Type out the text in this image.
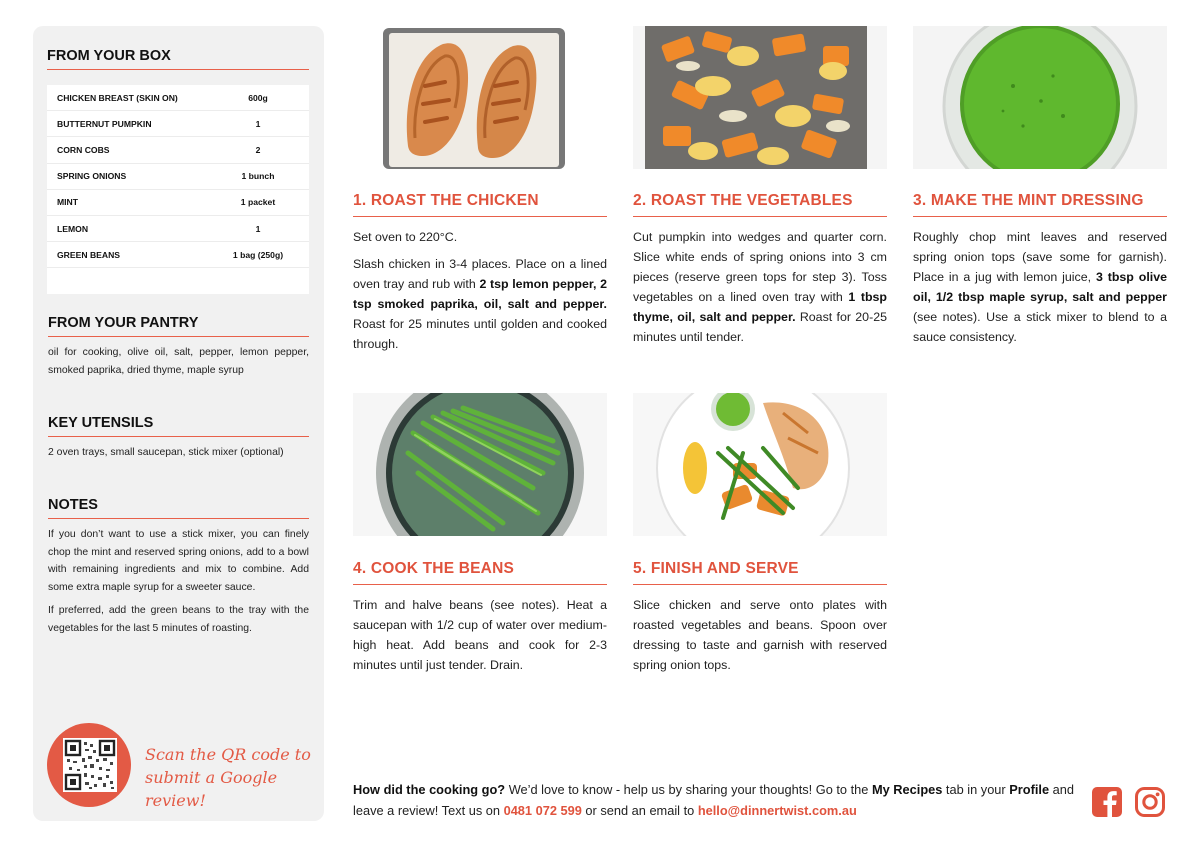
FROM YOUR BOX
CHICKEN BREAST (SKIN ON)	600g
BUTTERNUT PUMPKIN	1
CORN COBS	2
SPRING ONIONS	1 bunch
MINT	1 packet
LEMON	1
GREEN BEANS	1 bag (250g)
FROM YOUR PANTRY
oil for cooking, olive oil, salt, pepper, lemon pepper, smoked paprika, dried thyme, maple syrup
KEY UTENSILS
2 oven trays, small saucepan, stick mixer (optional)
NOTES

If you don’t want to use a stick mixer, you can finely chop the mint and reserved spring onions, add to a bowl with remaining ingredients and mix to combine. Add some extra maple syrup for a sweeter sauce.

If preferred, add the green beans to the tray with the vegetables for the last 5 minutes of roasting.

Scan the QR code to
submit a Google review!
1. ROAST THE CHICKEN

Set oven to 220°C.

Slash chicken in 3-4 places. Place on a lined oven tray and rub with 2 tsp lemon pepper, 2 tsp smoked paprika, oil, salt and pepper. Roast for 25 minutes until golden and cooked through.

2. ROAST THE VEGETABLES

Cut pumpkin into wedges and quarter corn. Slice white ends of spring onions into 3 cm pieces (reserve green tops for step 3). Toss vegetables on a lined oven tray with 1 tbsp thyme, oil, salt and pepper. Roast for 20-25 minutes until tender.

3. MAKE THE MINT DRESSING

Roughly chop mint leaves and reserved spring onion tops (save some for garnish). Place in a jug with lemon juice, 3 tbsp olive oil, 1/2 tbsp maple syrup, salt and pepper (see notes). Use a stick mixer to blend to a sauce consistency.

4. COOK THE BEANS

Trim and halve beans (see notes). Heat a saucepan with 1/2 cup of water over medium-high heat. Add beans and cook for 2-3 minutes until just tender. Drain.

5. FINISH AND SERVE

Slice chicken and serve onto plates with roasted vegetables and beans. Spoon over dressing to taste and garnish with reserved spring onion tops.

How did the cooking go? We’d love to know - help us by sharing your thoughts! Go to the My Recipes tab in your Profile and leave a review! Text us on 0481 072 599 or send an email to hello@dinnertwist.com.au
